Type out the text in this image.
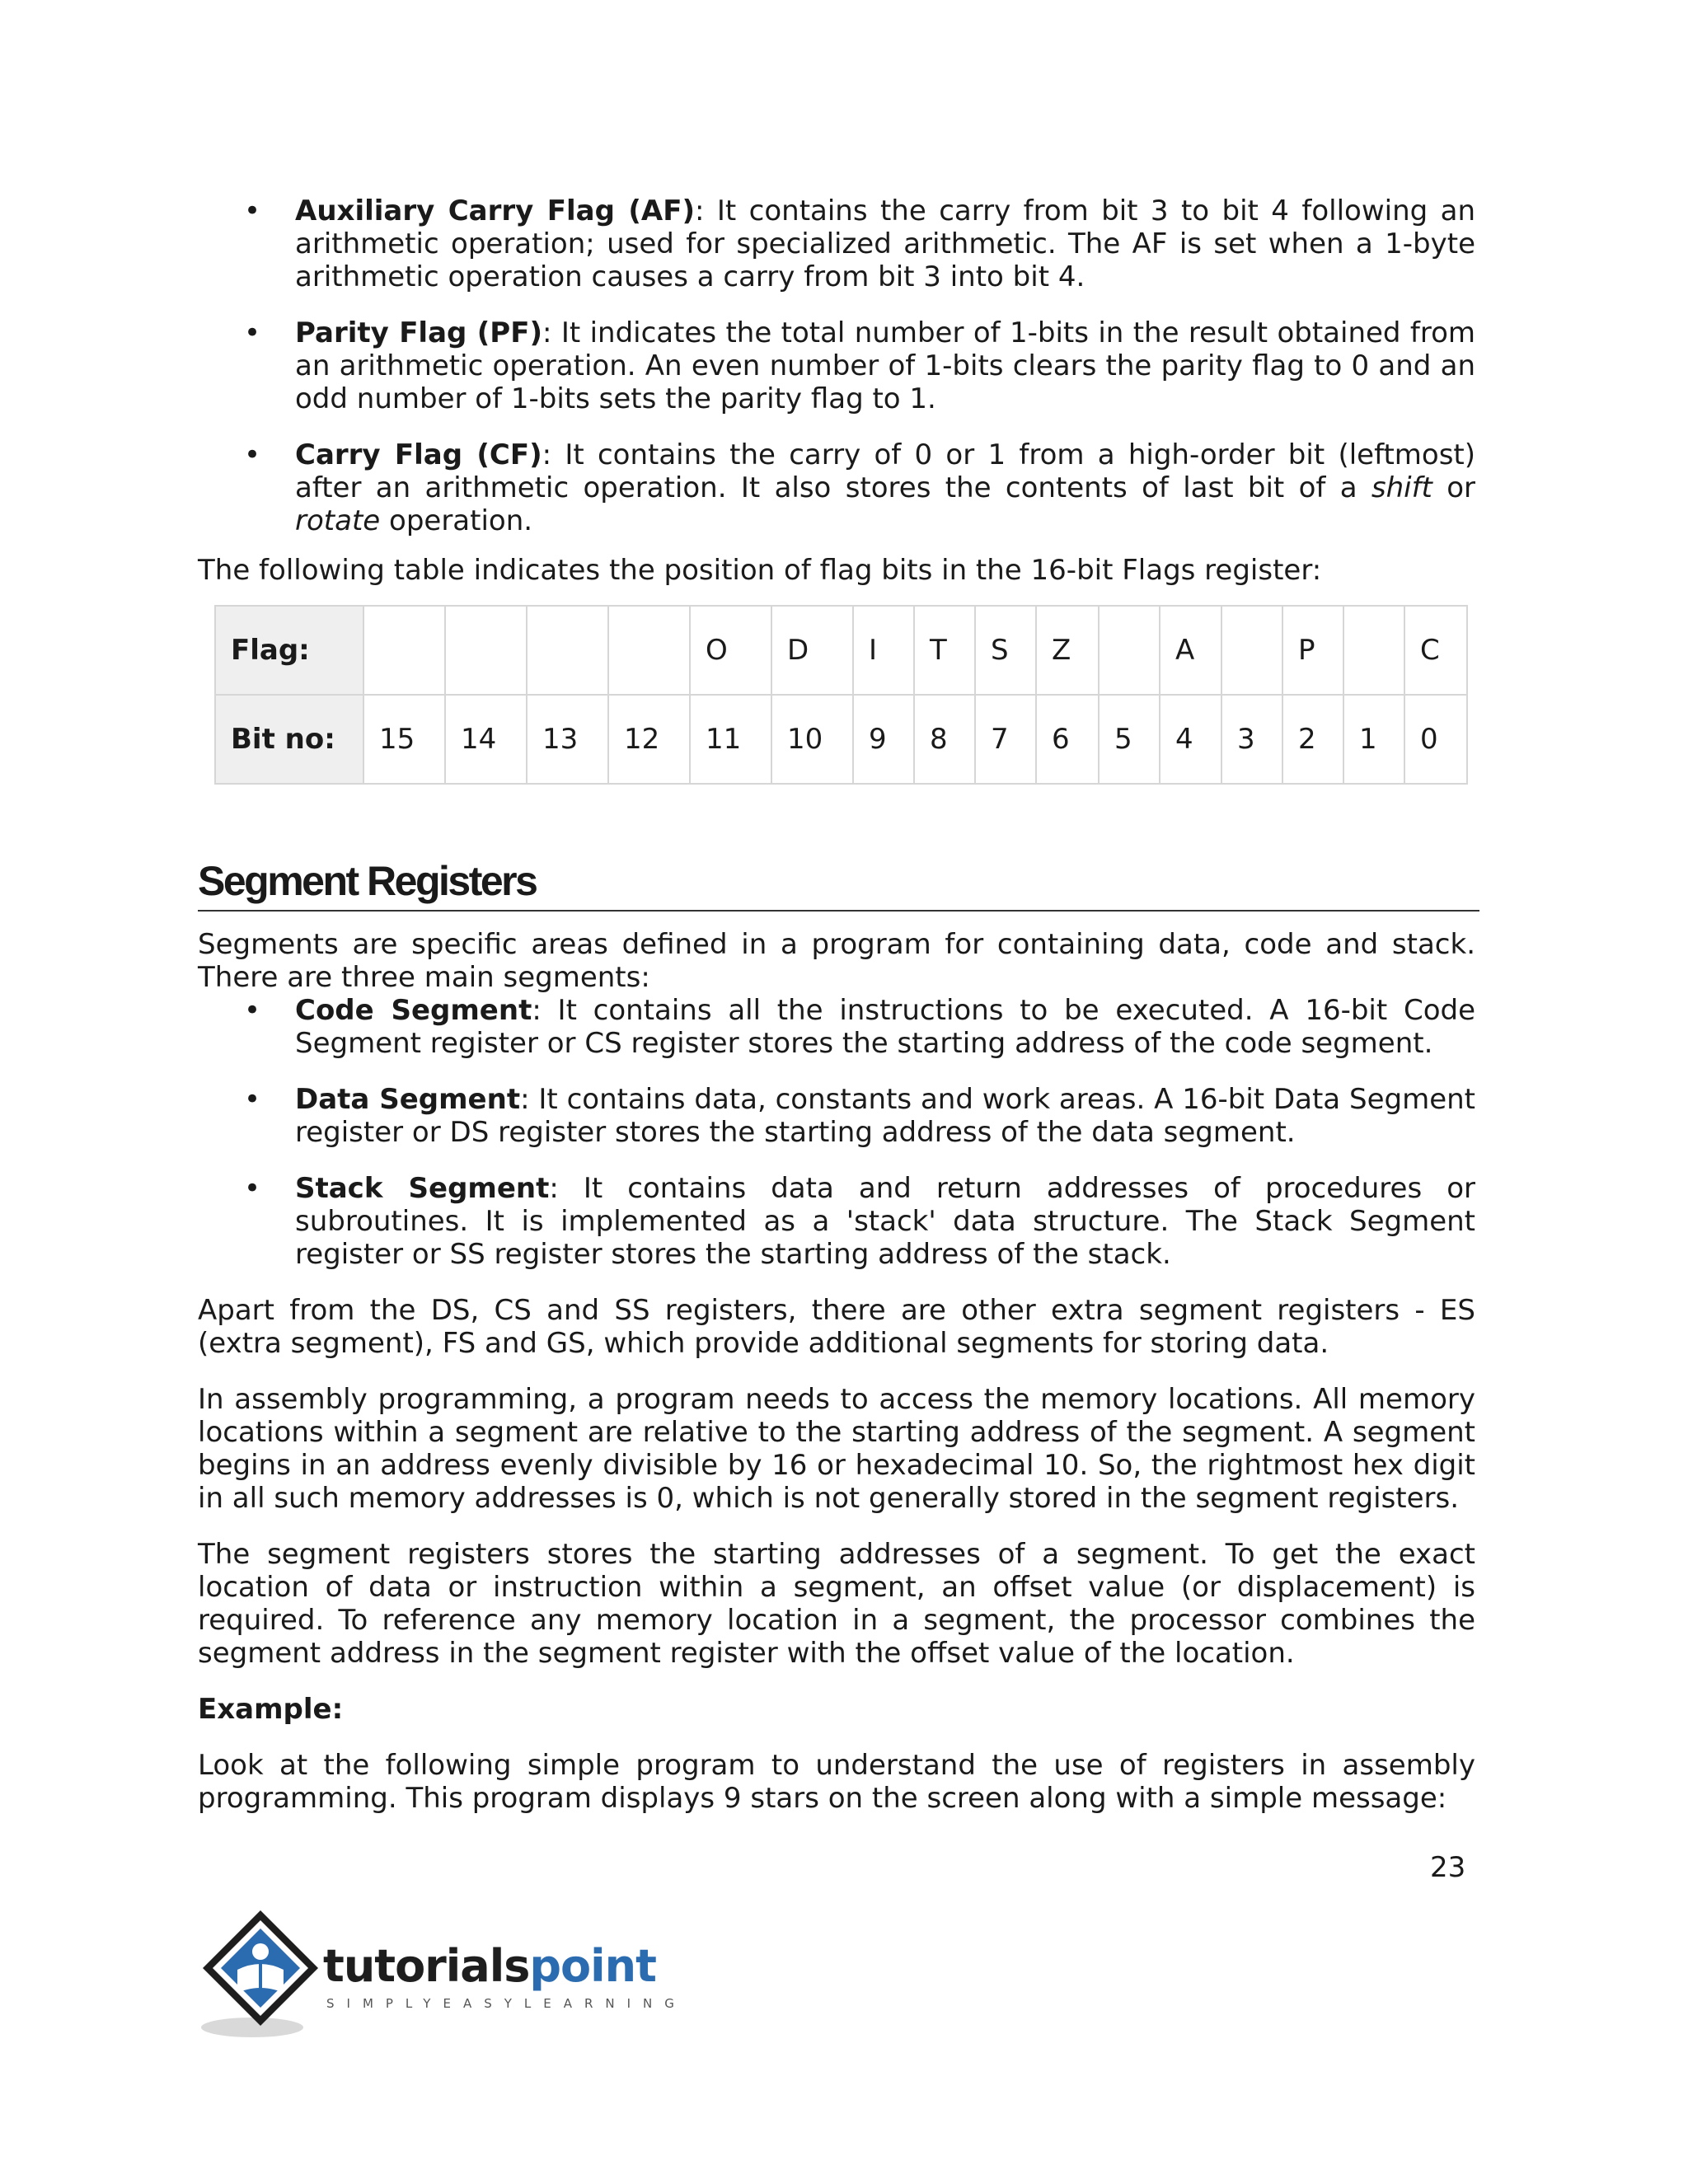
• Auxiliary Carry Flag (AF): It contains the carry from bit 3 to bit 4 following an arithmetic operation; used for specialized arithmetic. The AF is set when a 1-byte arithmetic operation causes a carry from bit 3 into bit 4.
• Parity Flag (PF): It indicates the total number of 1-bits in the result obtained from an arithmetic operation. An even number of 1-bits clears the parity flag to 0 and an odd number of 1-bits sets the parity flag to 1.
• Carry Flag (CF): It contains the carry of 0 or 1 from a high-order bit (leftmost) after an arithmetic operation. It also stores the contents of last bit of a shift or rotate operation.

The following table indicates the position of flag bits in the 16-bit Flags register:

Flag:					O	D	I	T	S	Z		A		P		C
Bit no:	15	14	13	12	11	10	9	8	7	6	5	4	3	2	1	0
Segment Registers

Segments are specific areas defined in a program for containing data, code and stack. There are three main segments:

• Code Segment: It contains all the instructions to be executed. A 16-bit Code Segment register or CS register stores the starting address of the code segment.
• Data Segment: It contains data, constants and work areas. A 16-bit Data Segment register or DS register stores the starting address of the data segment.
• Stack Segment: It contains data and return addresses of procedures or subroutines. It is implemented as a 'stack' data structure. The Stack Segment register or SS register stores the starting address of the stack.

Apart from the DS, CS and SS registers, there are other extra segment registers - ES (extra segment), FS and GS, which provide additional segments for storing data.

In assembly programming, a program needs to access the memory locations. All memory locations within a segment are relative to the starting address of the segment. A segment begins in an address evenly divisible by 16 or hexadecimal 10. So, the rightmost hex digit in all such memory addresses is 0, which is not generally stored in the segment registers.

The segment registers stores the starting addresses of a segment. To get the exact location of data or instruction within a segment, an offset value (or displacement) is required. To reference any memory location in a segment, the processor combines the segment address in the segment register with the offset value of the location.

Example:

Look at the following simple program to understand the use of registers in assembly programming. This program displays 9 stars on the screen along with a simple message:

23
tutorialspoint
SIMPLYEASYLEARNING
